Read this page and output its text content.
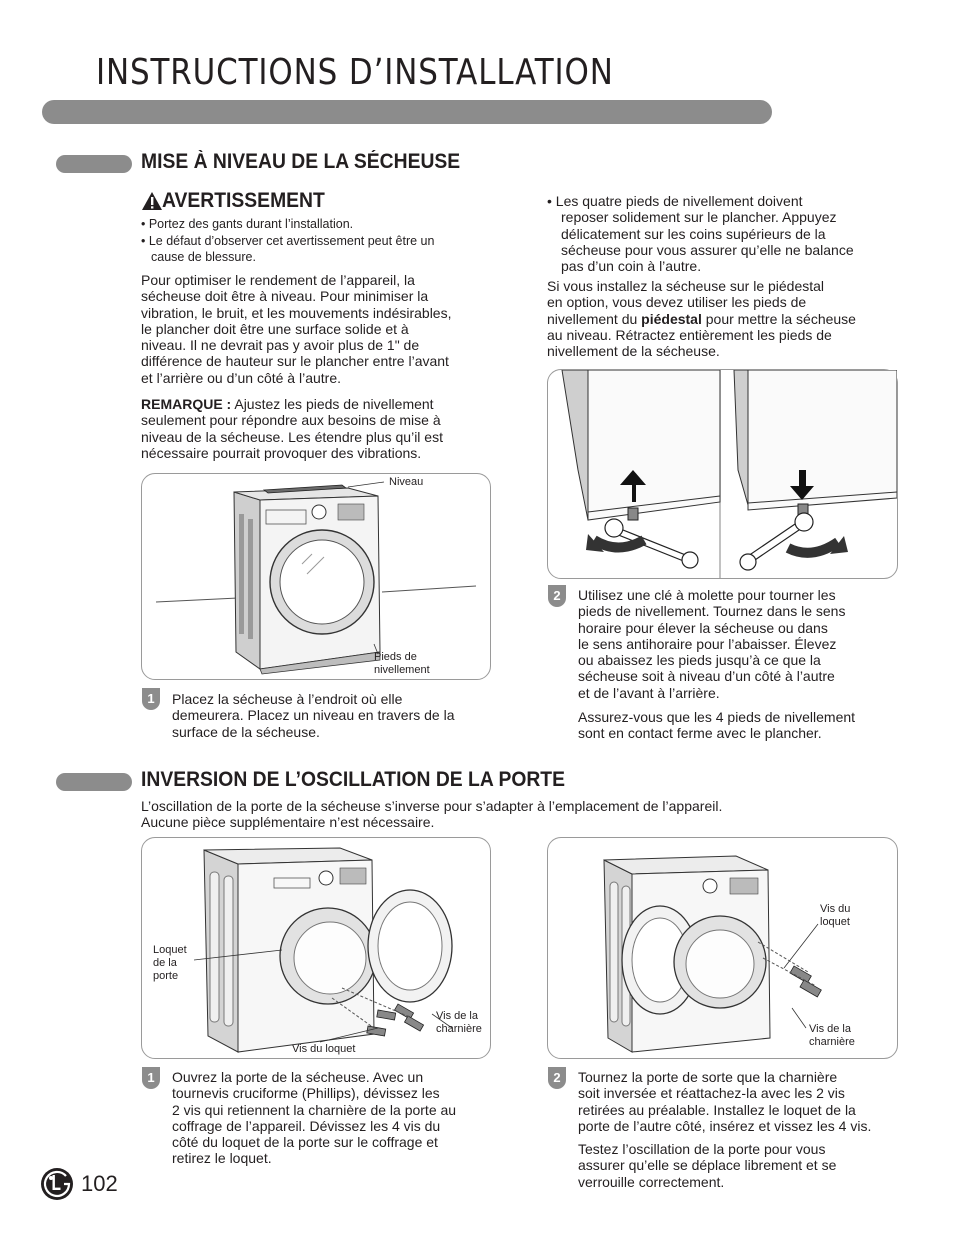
INSTRUCTIONS D’INSTALLATION
MISE À NIVEAU DE LA SÉCHEUSE
AVERTISSEMENT
• Portez des gants durant l’installation.
• Le défaut d’observer cet avertissement peut être un
cause de blessure.
Pour optimiser le rendement de l’appareil, la
sécheuse doit être à niveau. Pour minimiser la
vibration, le bruit, et les mouvements indésirables,
le plancher doit être une surface solide et à
niveau. Il ne devrait pas y avoir plus de 1" de
différence de hauteur sur le plancher entre l’avant
et l’arrière ou d’un côté à l’autre.
REMARQUE : Ajustez les pieds de nivellement
seulement pour répondre aux besoins de mise à
niveau de la sécheuse. Les étendre plus qu’il est
nécessaire pourrait provoquer des vibrations.
Niveau
Pieds de
nivellement
1	Placez la sécheuse à l’endroit où elle
demeurera. Placez un niveau en travers de la
surface de la sécheuse.
• Les quatre pieds de nivellement doivent
reposer solidement sur le plancher. Appuyez
délicatement sur les coins supérieurs de la
sécheuse pour vous assurer qu’elle ne balance
pas d’un coin à l’autre.
Si vous installez la sécheuse sur le piédestal
en option, vous devez utiliser les pieds de
nivellement du piédestal pour mettre la sécheuse
au niveau. Rétractez entièrement les pieds de
nivellement de la sécheuse.
2	Utilisez une clé à molette pour tourner les
pieds de nivellement. Tournez dans le sens
horaire pour élever la sécheuse ou dans
le sens antihoraire pour l’abaisser. Élevez
ou abaissez les pieds jusqu’à ce que la
sécheuse soit à niveau d’un côté à l’autre
et de l’avant à l’arrière.
Assurez-vous que les 4 pieds de nivellement
sont en contact ferme avec le plancher.
INVERSION DE L’OSCILLATION DE LA PORTE
L’oscillation de la porte de la sécheuse s’inverse pour s’adapter à l’emplacement de l’appareil.
Aucune pièce supplémentaire n’est nécessaire.
Loquet
de la
porte
Vis de la
charnière
Vis du loquet
1	Ouvrez la porte de la sécheuse. Avec un
tournevis cruciforme (Phillips), dévissez les
2 vis qui retiennent la charnière de la porte au
coffrage de l’appareil. Dévissez les 4 vis du
côté du loquet de la porte sur le coffrage et
retirez le loquet.
Vis du
loquet
Vis de la
charnière
2	Tournez la porte de sorte que la charnière
soit inversée et réattachez-la avec les 2 vis
retirées au préalable. Installez le loquet de la
porte de l’autre côté, insérez et vissez les 4 vis.
Testez l’oscillation de la porte pour vous
assurer qu’elle se déplace librement et se
verrouille correctement.
102
